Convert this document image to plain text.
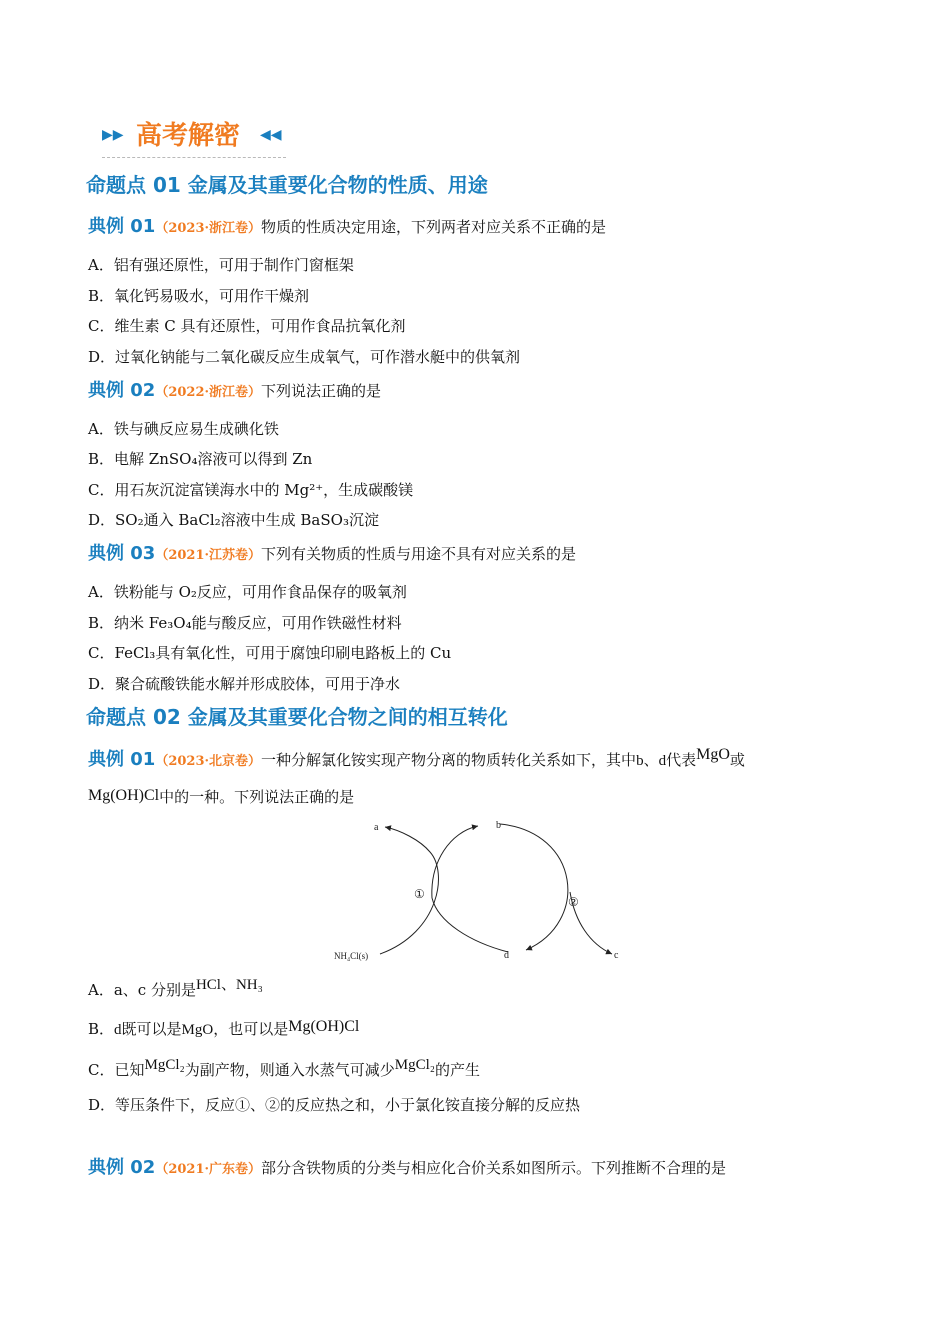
▶▶ 高考解密 ◀◀
命题点 01 金属及其重要化合物的性质、用途
典例 01（2023·浙江卷）物质的性质决定用途，下列两者对应关系不正确的是
A．铝有强还原性，可用于制作门窗框架
B．氧化钙易吸水，可用作干燥剂
C．维生素 C 具有还原性，可用作食品抗氧化剂
D．过氧化钠能与二氧化碳反应生成氧气，可作潜水艇中的供氧剂
典例 02（2022·浙江卷）下列说法正确的是
A．铁与碘反应易生成碘化铁
B．电解 ZnSO₄溶液可以得到 Zn
C．用石灰沉淀富镁海水中的 Mg²⁺，生成碳酸镁
D．SO₂通入 BaCl₂溶液中生成 BaSO₃沉淀
典例 03（2021·江苏卷）下列有关物质的性质与用途不具有对应关系的是
A．铁粉能与 O₂反应，可用作食品保存的吸氧剂
B．纳米 Fe₃O₄能与酸反应，可用作铁磁性材料
C．FeCl₃具有氧化性，可用于腐蚀印刷电路板上的 Cu
D．聚合硫酸铁能水解并形成胶体，可用于净水
命题点 02 金属及其重要化合物之间的相互转化
典例 01（2023·北京卷）一种分解氯化铵实现产物分离的物质转化关系如下，其中b、d代表MgO或
Mg(OH)Cl中的一种。下列说法正确的是
a	b
c
d
NH₄Cl(s)
①
②
A．a、c 分别是HCl、NH₃
B．d既可以是MgO，也可以是Mg(OH)Cl
C．已知MgCl₂为副产物，则通入水蒸气可减少MgCl₂的产生
D．等压条件下，反应①、②的反应热之和，小于氯化铵直接分解的反应热
典例 02（2021·广东卷）部分含铁物质的分类与相应化合价关系如图所示。下列推断不合理的是
